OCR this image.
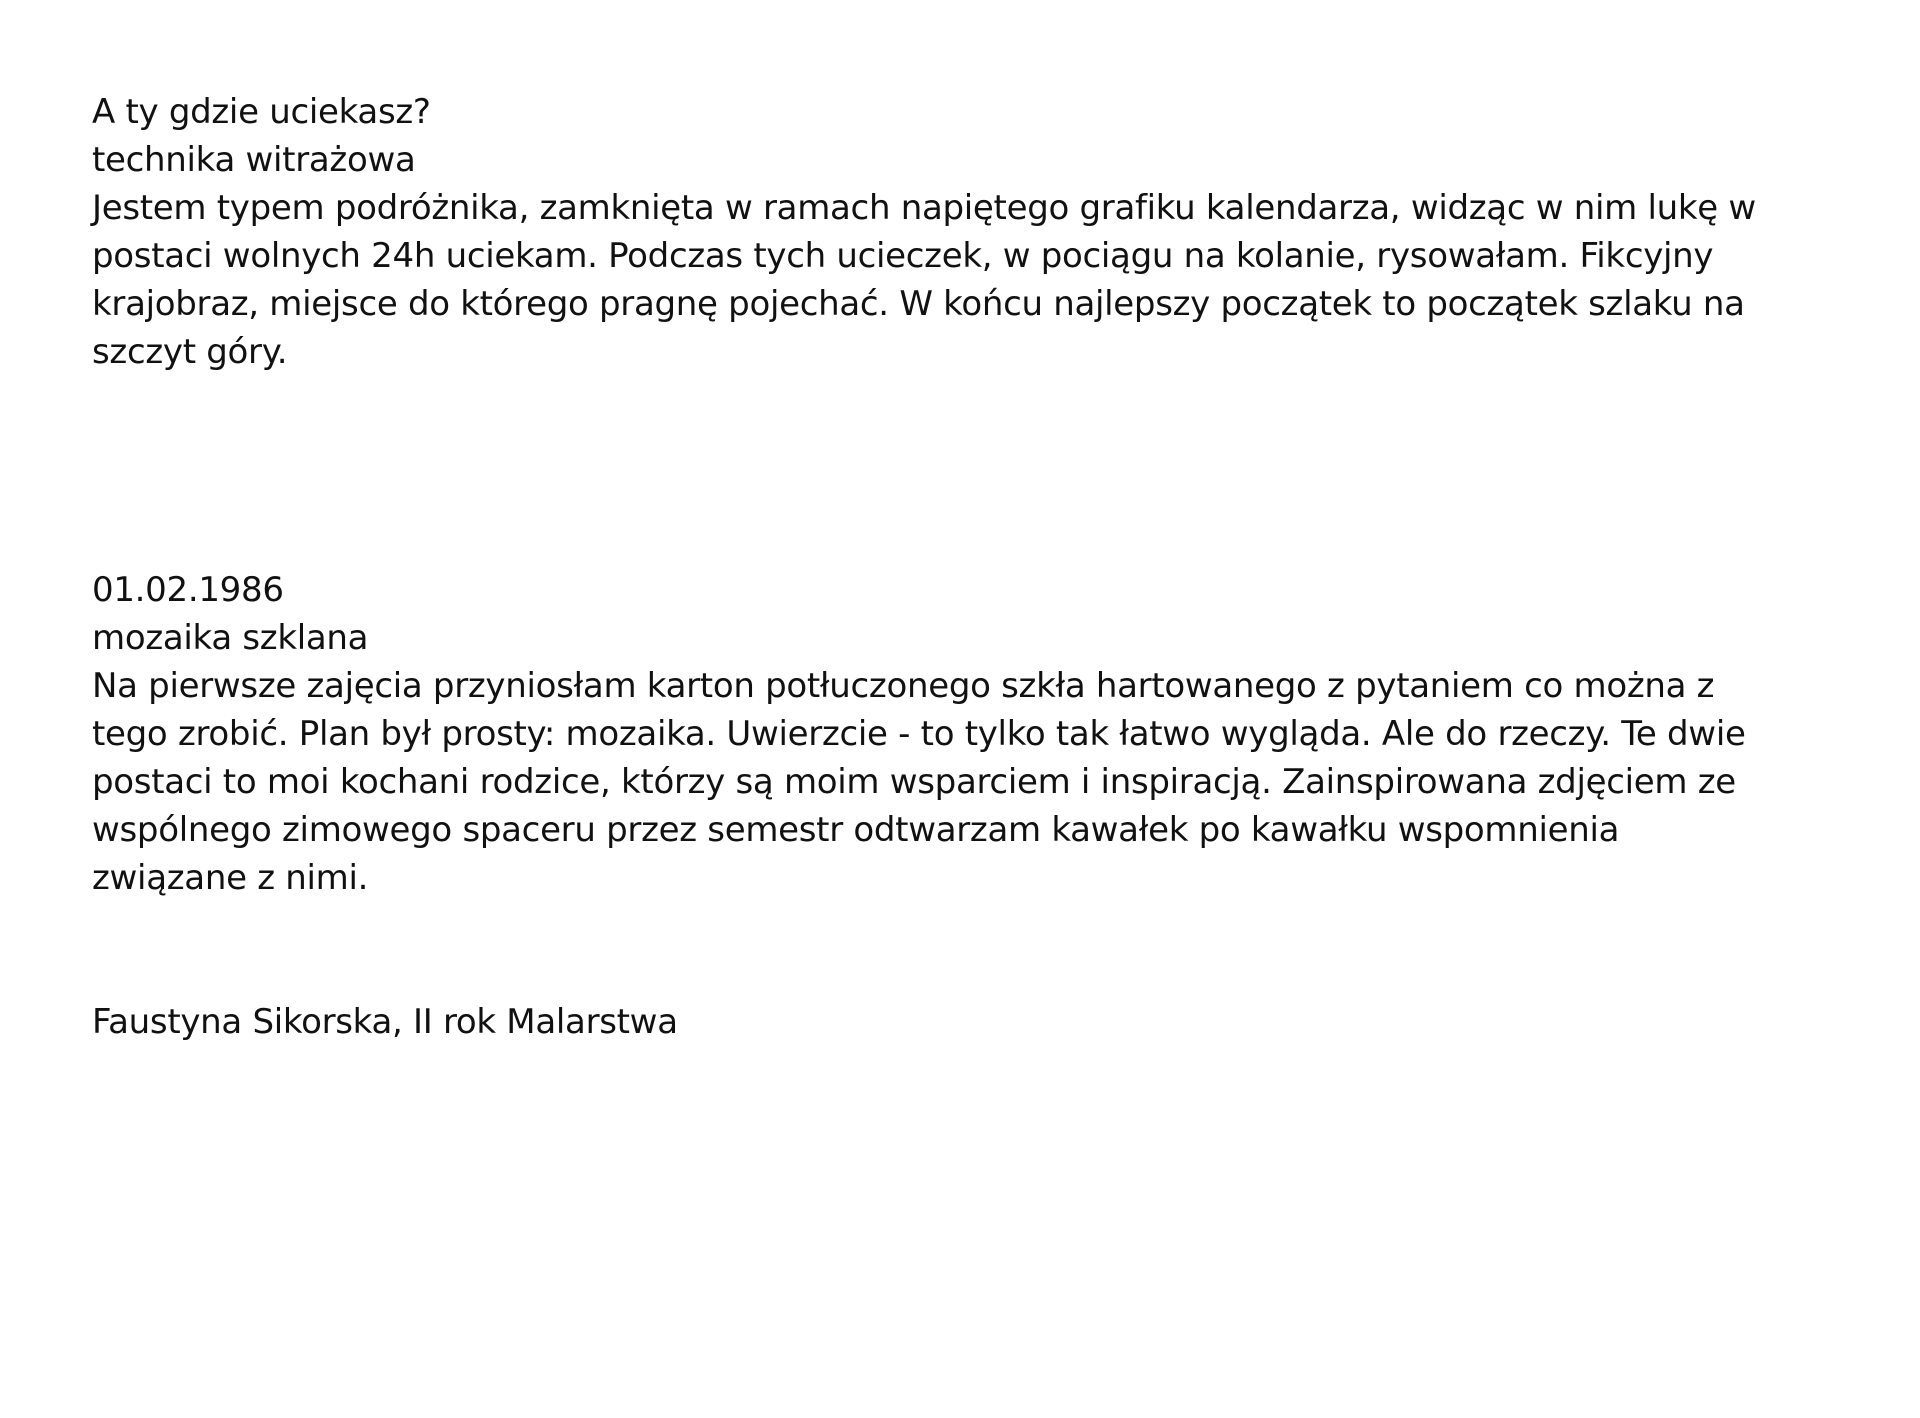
A ty gdzie uciekasz?
technika witrażowa
Jestem typem podróżnika, zamknięta w ramach napiętego grafiku kalendarza, widząc w nim lukę w
postaci wolnych 24h uciekam. Podczas tych ucieczek, w pociągu na kolanie, rysowałam. Fikcyjny
krajobraz, miejsce do którego pragnę pojechać. W końcu najlepszy początek to początek szlaku na
szczyt góry.
01.02.1986
mozaika szklana
Na pierwsze zajęcia przyniosłam karton potłuczonego szkła hartowanego z pytaniem co można z
tego zrobić. Plan był prosty: mozaika. Uwierzcie - to tylko tak łatwo wygląda. Ale do rzeczy. Te dwie
postaci to moi kochani rodzice, którzy są moim wsparciem i inspiracją. Zainspirowana zdjęciem ze
wspólnego zimowego spaceru przez semestr odtwarzam kawałek po kawałku wspomnienia
związane z nimi.
Faustyna Sikorska, II rok Malarstwa
